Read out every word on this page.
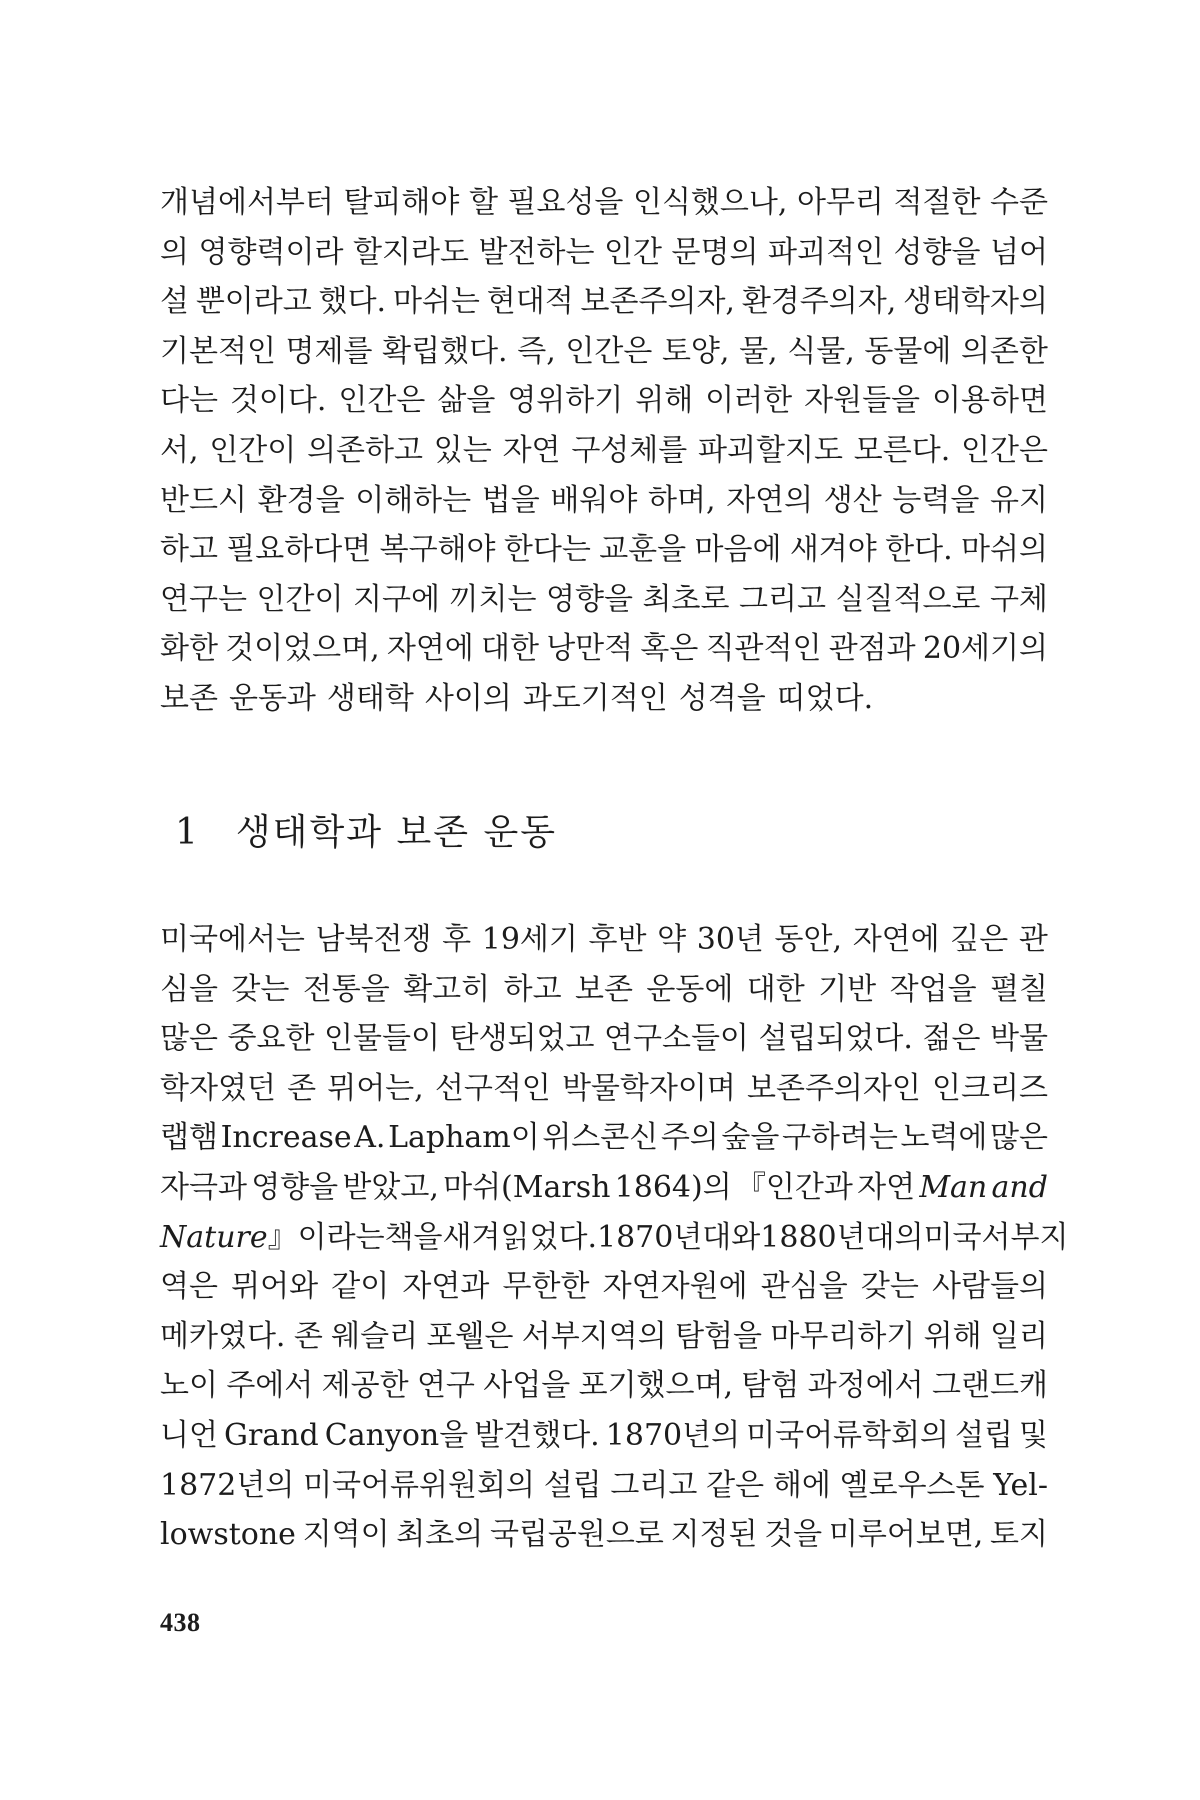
개념에서부터 탈피해야 할 필요성을 인식했으나, 아무리 적절한 수준
의 영향력이라 할지라도 발전하는 인간 문명의 파괴적인 성향을 넘어
설 뿐이라고 했다. 마쉬는 현대적 보존주의자, 환경주의자, 생태학자의
기본적인 명제를 확립했다. 즉, 인간은 토양, 물, 식물, 동물에 의존한
다는 것이다. 인간은 삶을 영위하기 위해 이러한 자원들을 이용하면
서, 인간이 의존하고 있는 자연 구성체를 파괴할지도 모른다. 인간은
반드시 환경을 이해하는 법을 배워야 하며, 자연의 생산 능력을 유지
하고 필요하다면 복구해야 한다는 교훈을 마음에 새겨야 한다. 마쉬의
연구는 인간이 지구에 끼치는 영향을 최초로 그리고 실질적으로 구체
화한 것이었으며, 자연에 대한 낭만적 혹은 직관적인 관점과 20세기의
보존 운동과 생태학 사이의 과도기적인 성격을 띠었다.
1 생태학과 보존 운동
미국에서는 남북전쟁 후 19세기 후반 약 30년 동안, 자연에 깊은 관
심을 갖는 전통을 확고히 하고 보존 운동에 대한 기반 작업을 펼칠
많은 중요한 인물들이 탄생되었고 연구소들이 설립되었다. 젊은 박물
학자였던 존 뮈어는, 선구적인 박물학자이며 보존주의자인 인크리즈
랩햄 Increase A. Lapham이 위스콘신 주의 숲을 구하려는 노력에 많은
자극과 영향을 받았고, 마쉬(Marsh 1864)의 『인간과 자연 Man and
Nature』이라는 책을 새겨 읽었다. 1870년대와 1880년대의 미국 서부지
역은 뮈어와 같이 자연과 무한한 자연자원에 관심을 갖는 사람들의
메카였다. 존 웨슬리 포웰은 서부지역의 탐험을 마무리하기 위해 일리
노이 주에서 제공한 연구 사업을 포기했으며, 탐험 과정에서 그랜드캐
니언 Grand Canyon을 발견했다. 1870년의 미국어류학회의 설립 및
1872년의 미국어류위원회의 설립 그리고 같은 해에 옐로우스톤 Yel-
lowstone 지역이 최초의 국립공원으로 지정된 것을 미루어보면, 토지
438
